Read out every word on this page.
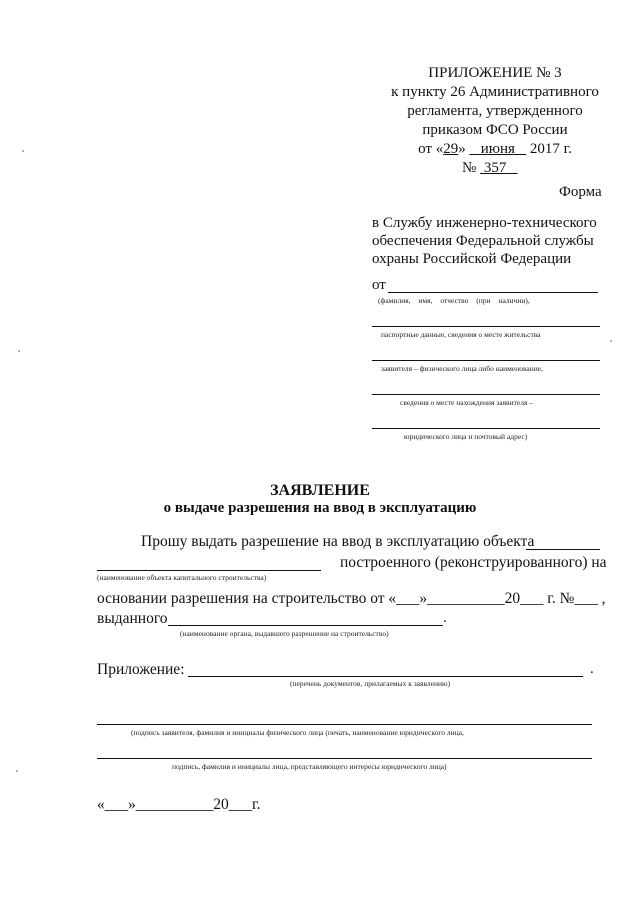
ПРИЛОЖЕНИЕ № 3
к пункту 26 Административного
регламента, утвержденного
приказом ФСО России
от «29» июня 2017 г.
№ 357
Форма
в Службу инженерно-технического
обеспечения Федеральной службы
охраны Российской Федерации
от
(фамилия, имя, отчество (при наличии),
паспортные данные, сведения о месте жительства
заявителя – физического лица либо наименование,
сведения о месте нахождения заявителя –
юридического лица и почтовый адрес)
ЗАЯВЛЕНИЕ
о выдаче разрешения на ввод в эксплуатацию
Прошу выдать разрешение на ввод в эксплуатацию объекта
построенного (реконструированного) на
(наименование объекта капитального строительства)
основании разрешения на строительство от «___»__________20___ г. №___ ,
выданного	.
(наименование органа, выдавшего разрешение на строительство)
Приложение:	.
(перечень документов, прилагаемых к заявлению)
(подпись заявителя, фамилия и инициалы физического лица (печать, наименование юридического лица,
подпись, фамилия и инициалы лица, представляющего интересы юридического лица)
«___»__________20___г.
